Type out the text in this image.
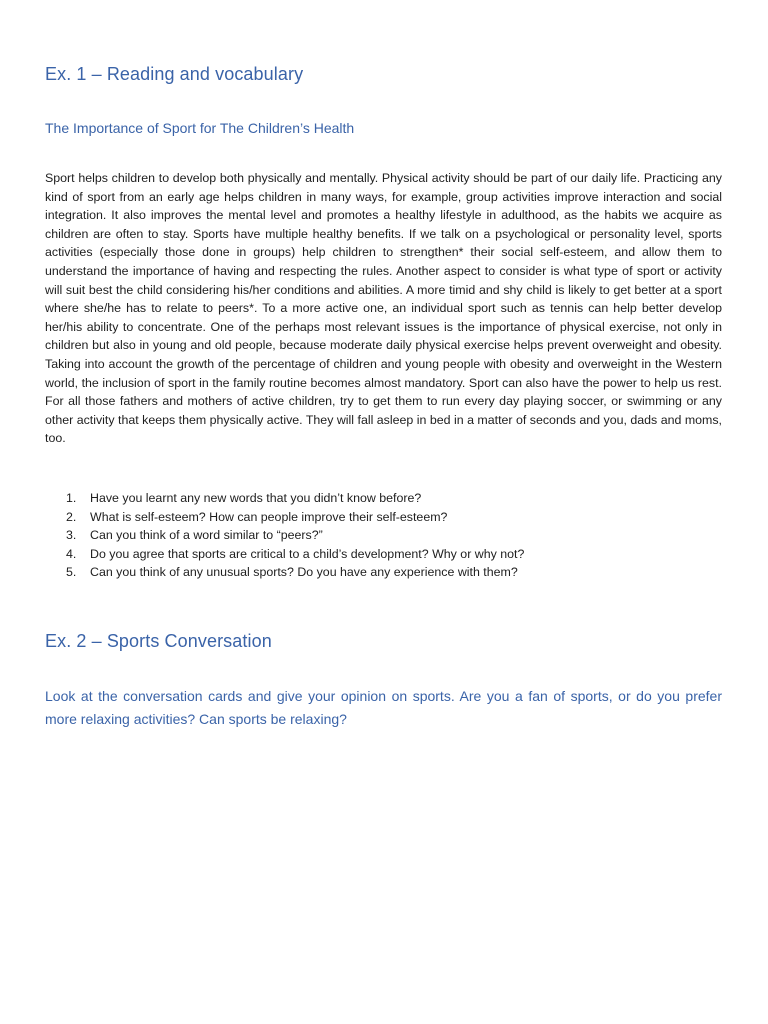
Ex. 1 – Reading and vocabulary
The Importance of Sport for The Children’s Health

Sport helps children to develop both physically and mentally. Physical activity should be part of our daily life. Practicing any kind of sport from an early age helps children in many ways, for example, group activities improve interaction and social integration. It also improves the mental level and promotes a healthy lifestyle in adulthood, as the habits we acquire as children are often to stay. Sports have multiple healthy benefits. If we talk on a psychological or personality level, sports activities (especially those done in groups) help children to strengthen* their social self-esteem, and allow them to understand the importance of having and respecting the rules. Another aspect to consider is what type of sport or activity will suit best the child considering his/her conditions and abilities. A more timid and shy child is likely to get better at a sport where she/he has to relate to peers*. To a more active one, an individual sport such as tennis can help better develop her/his ability to concentrate. One of the perhaps most relevant issues is the importance of physical exercise, not only in children but also in young and old people, because moderate daily physical exercise helps prevent overweight and obesity. Taking into account the growth of the percentage of children and young people with obesity and overweight in the Western world, the inclusion of sport in the family routine becomes almost mandatory. Sport can also have the power to help us rest. For all those fathers and mothers of active children, try to get them to run every day playing soccer, or swimming or any other activity that keeps them physically active. They will fall asleep in bed in a matter of seconds and you, dads and moms, too.

1.	Have you learnt any new words that you didn’t know before?
2.	What is self-esteem? How can people improve their self-esteem?
3.	Can you think of a word similar to “peers?”
4.	Do you agree that sports are critical to a child’s development? Why or why not?
5.	Can you think of any unusual sports? Do you have any experience with them?
Ex. 2 – Sports Conversation

Look at the conversation cards and give your opinion on sports. Are you a fan of sports, or do you prefer more relaxing activities? Can sports be relaxing?
